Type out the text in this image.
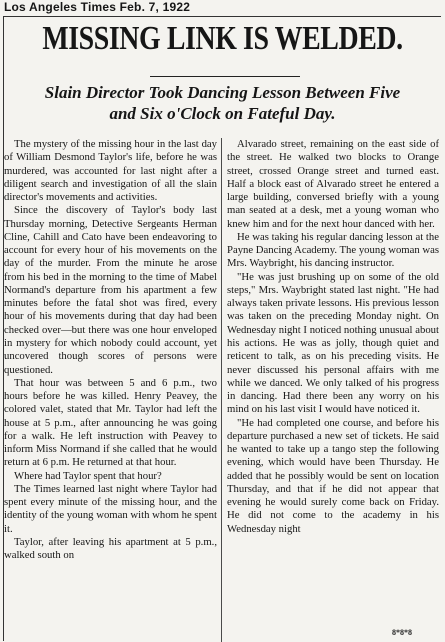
Los Angeles Times Feb. 7, 1922
MISSING LINK IS WELDED.
Slain Director Took Dancing Lesson Between Five
and Six o'Clock on Fateful Day.

The mystery of the missing hour in the last day of William Desmond Taylor's life, before he was murdered, was accounted for last night after a diligent search and investigation of all the slain director's movements and activities.

Since the discovery of Taylor's body last Thursday morning, Detective Sergeants Herman Cline, Cahill and Cato have been endeavoring to account for every hour of his movements on the day of the murder. From the minute he arose from his bed in the morning to the time of Mabel Normand's departure from his apartment a few minutes before the fatal shot was fired, every hour of his movements during that day had been checked over—but there was one hour enveloped in mystery for which nobody could account, yet uncovered though scores of persons were questioned.

That hour was between 5 and 6 p.m., two hours before he was killed. Henry Peavey, the colored valet, stated that Mr. Taylor had left the house at 5 p.m., after announcing he was going for a walk. He left instruction with Peavey to inform Miss Normand if she called that he would return at 6 p.m. He returned at that hour.

Where had Taylor spent that hour?

The Times learned last night where Taylor had spent every minute of the missing hour, and the identity of the young woman with whom he spent it.

Taylor, after leaving his apartment at 5 p.m., walked south on

Alvarado street, remaining on the east side of the street. He walked two blocks to Orange street, crossed Orange street and turned east. Half a block east of Alvarado street he entered a large building, conversed briefly with a young man seated at a desk, met a young woman who knew him and for the next hour danced with her.

He was taking his regular dancing lesson at the Payne Dancing Academy. The young woman was Mrs. Waybright, his dancing instructor.

"He was just brushing up on some of the old steps," Mrs. Waybright stated last night. "He had always taken private lessons. His previous lesson was taken on the preceding Monday night. On Wednesday night I noticed nothing unusual about his actions. He was as jolly, though quiet and reticent to talk, as on his preceding visits. He never discussed his personal affairs with me while we danced. We only talked of his progress in dancing. Had there been any worry on his mind on his last visit I would have noticed it.

"He had completed one course, and before his departure purchased a new set of tickets. He said he wanted to take up a tango step the following evening, which would have been Thursday. He added that he possibly would be sent on location Thursday, and that if he did not appear that evening he would surely come back on Friday. He did not come to the academy in his Wednesday night

8*8*8
